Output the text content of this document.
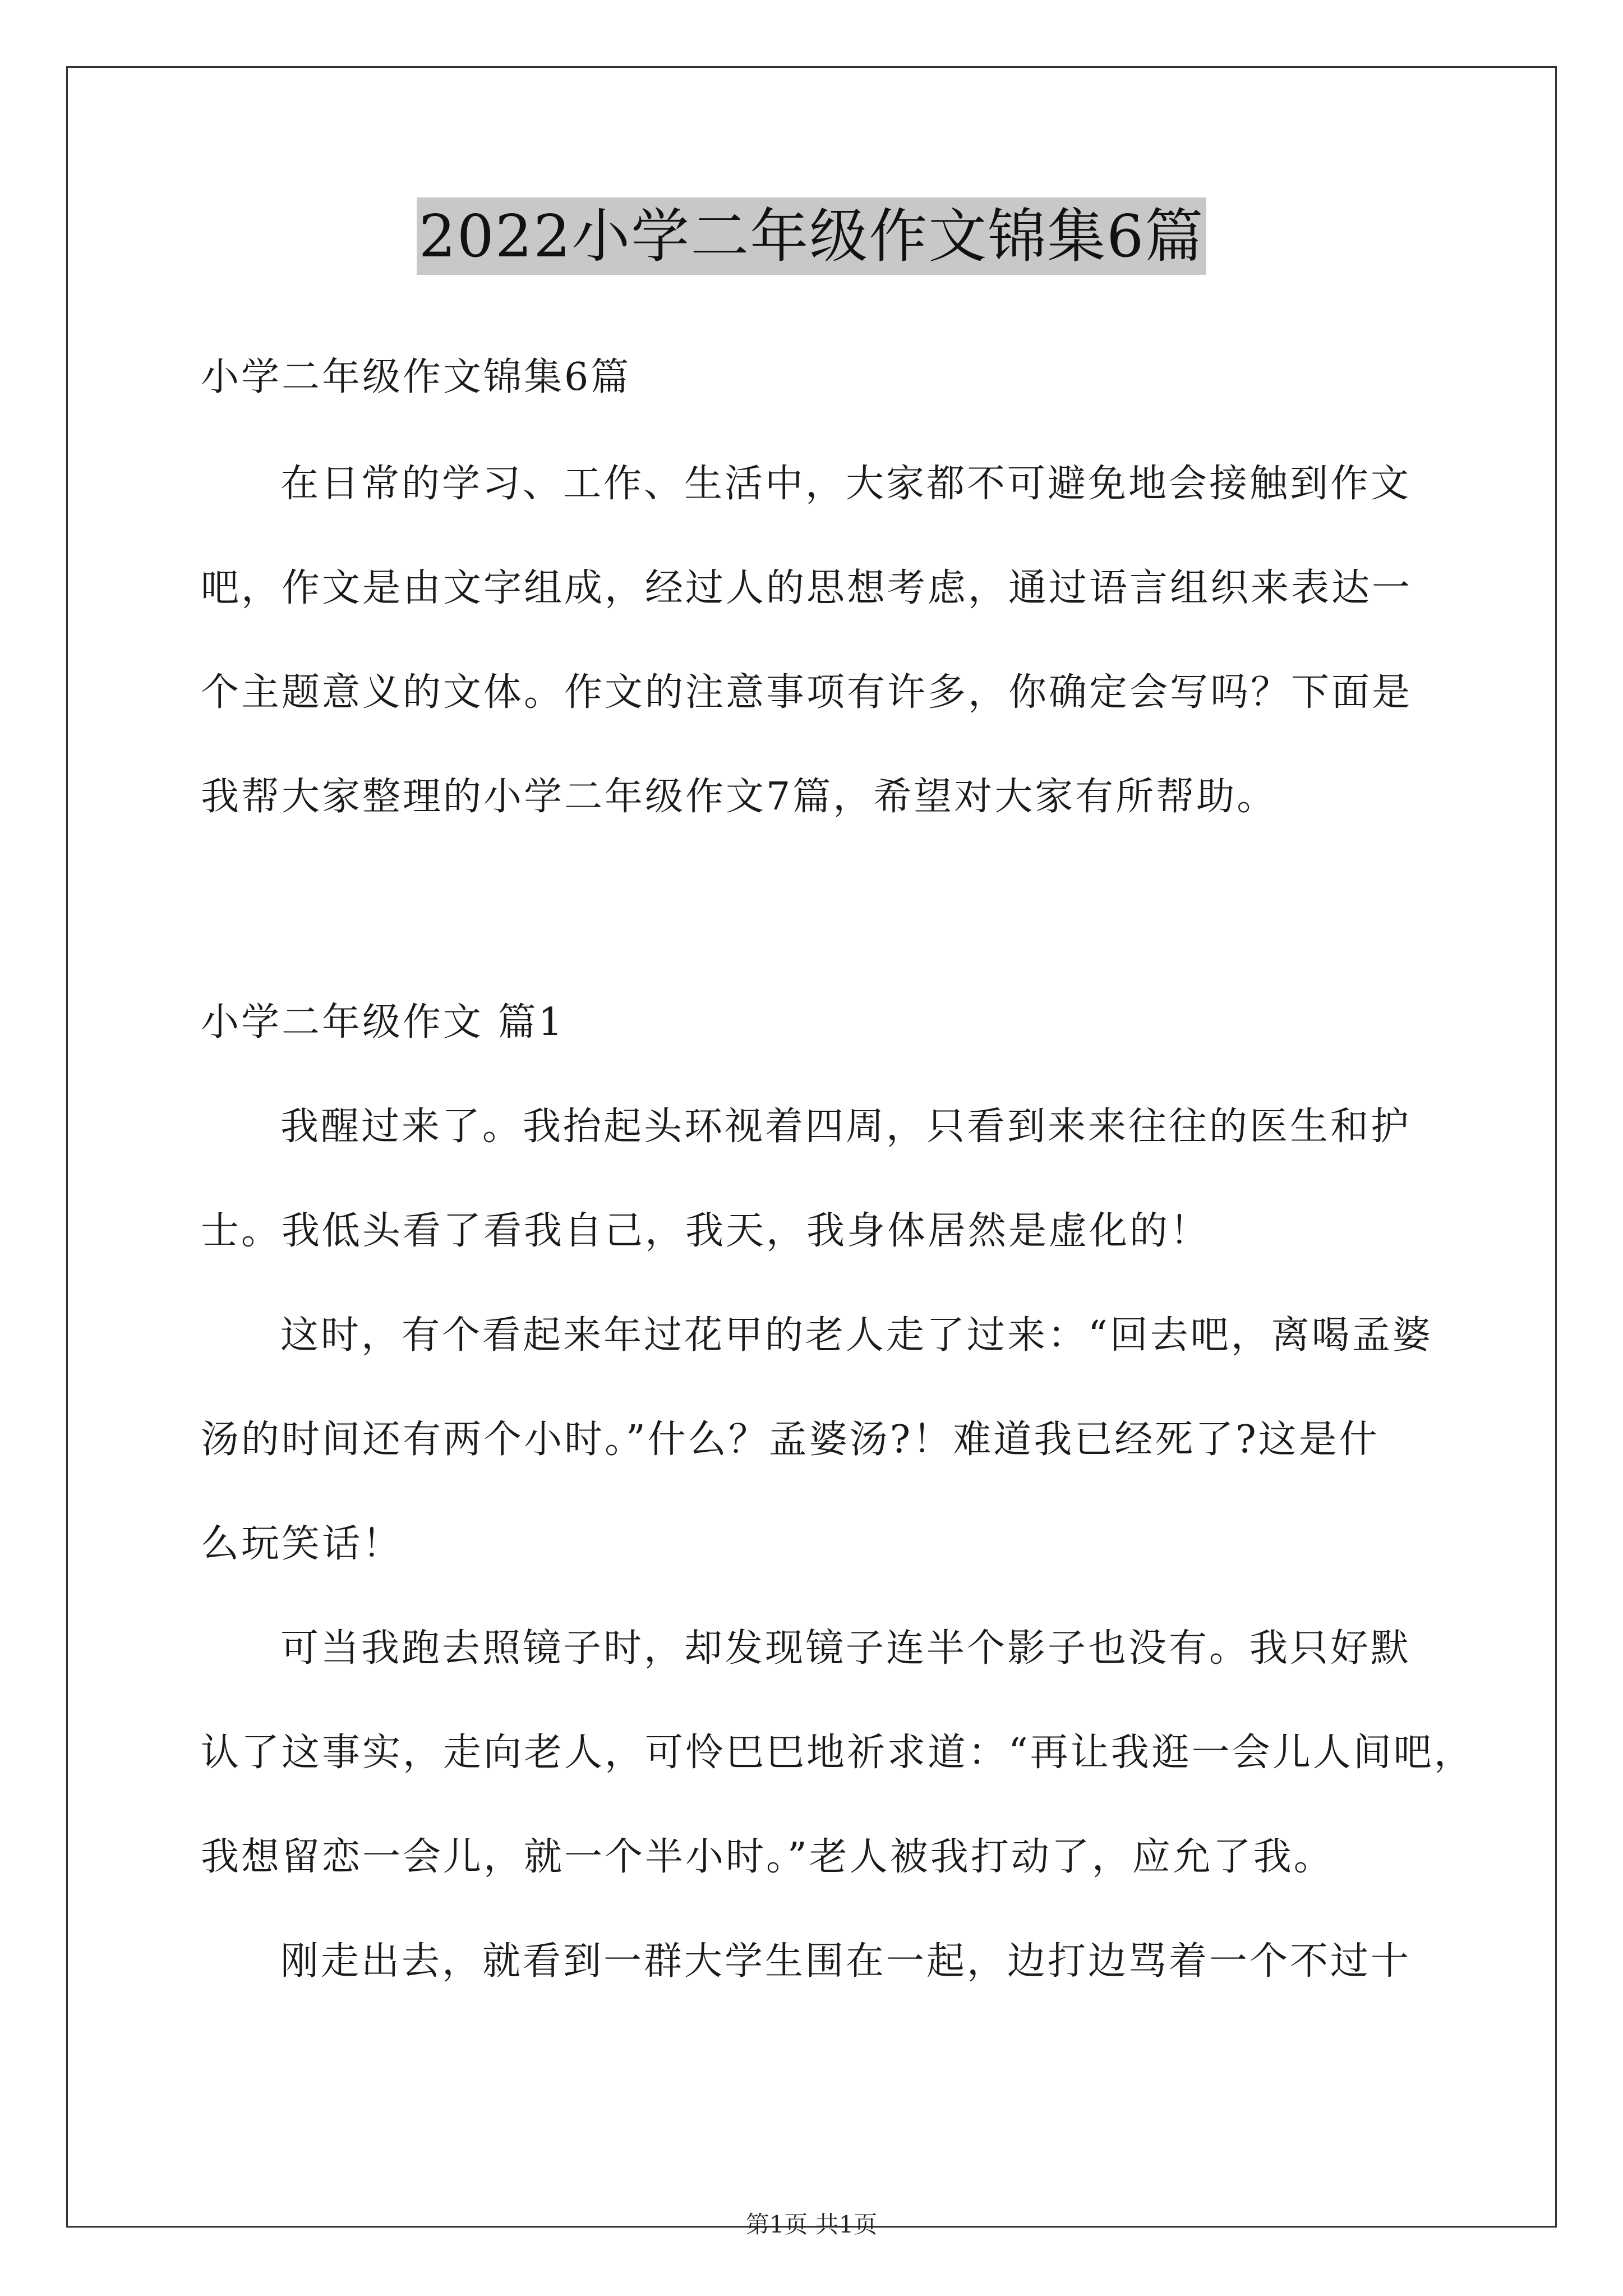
2022小学二年级作文锦集6篇
小学二年级作文锦集6篇
在日常的学习、工作、生活中，大家都不可避免地会接触到作文
吧，作文是由文字组成，经过人的思想考虑，通过语言组织来表达一
个主题意义的文体。作文的注意事项有许多，你确定会写吗？下面是
我帮大家整理的小学二年级作文7篇，希望对大家有所帮助。
小学二年级作文 篇1
我醒过来了。我抬起头环视着四周，只看到来来往往的医生和护
士。我低头看了看我自己，我天，我身体居然是虚化的！
这时，有个看起来年过花甲的老人走了过来：“回去吧，离喝孟婆
汤的时间还有两个小时。”什么？孟婆汤?！难道我已经死了?这是什
么玩笑话！
可当我跑去照镜子时，却发现镜子连半个影子也没有。我只好默
认了这事实，走向老人，可怜巴巴地祈求道：“再让我逛一会儿人间吧，
我想留恋一会儿，就一个半小时。”老人被我打动了，应允了我。
刚走出去，就看到一群大学生围在一起，边打边骂着一个不过十
第1页 共1页
